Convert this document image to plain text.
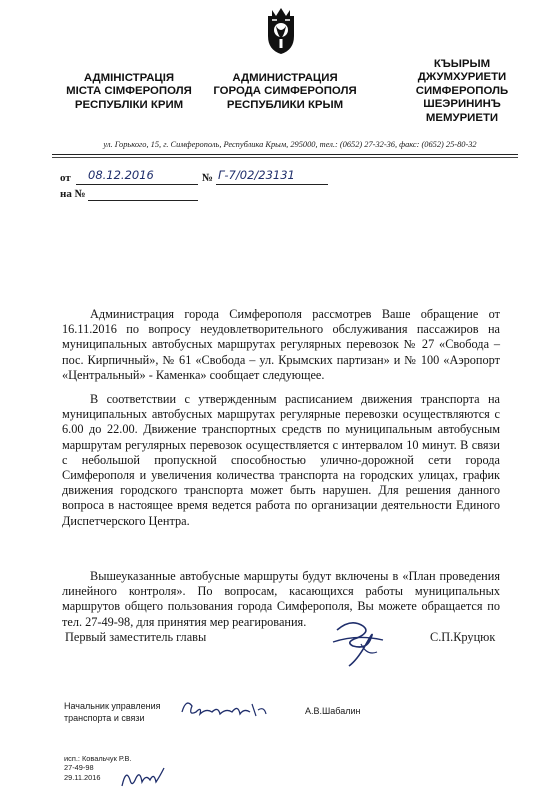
АДМІНІСТРАЦІЯ
МІСТА СІМФЕРОПОЛЯ
РЕСПУБЛІКИ КРИМ
АДМИНИСТРАЦИЯ
ГОРОДА СИМФЕРОПОЛЯ
РЕСПУБЛИКИ КРЫМ
КЪЫРЫМ
ДЖУМХУРИЕТИ
СИМФЕРОПОЛЬ
ШЕЭРИНИНЪ
МЕМУРИЕТИ
ул. Горького, 15, г. Симферополь, Республика Крым, 295000, тел.: (0652) 27-32-36, факс: (0652) 25-80-32
от 08.12.2016	№ Г-7/02/23131
на №

Администрация города Симферополя рассмотрев Ваше обращение от 16.11.2016 по вопросу неудовлетворительного обслуживания пассажиров на муниципальных автобусных маршрутах регулярных перевозок № 27 «Свобода – пос. Кирпичный», № 61 «Свобода – ул. Крымских партизан» и № 100 «Аэропорт «Центральный» - Каменка» сообщает следующее.

В соответствии с утвержденным расписанием движения транспорта на муниципальных автобусных маршрутах регулярные перевозки осуществляются с 6.00 до 22.00. Движение транспортных средств по муниципальным автобусным маршрутам регулярных перевозок осуществляется с интервалом 10 минут. В связи с небольшой пропускной способностью улично-дорожной сети города Симферополя и увеличения количества транспорта на городских улицах, график движения городского транспорта может быть нарушен. Для решения данного вопроса в настоящее время ведется работа по организации деятельности Единого Диспетчерского Центра.

Вышеуказанные автобусные маршруты будут включены в «План проведения линейного контроля». По вопросам, касающихся работы муниципальных маршрутов общего пользования города Симферополя, Вы можете обращается по тел. 27-49-98, для принятия мер реагирования.

Первый заместитель главы	С.П.Круцюк
Начальник управления
транспорта и связи
А.В.Шабалин
исп.: Ковальчук Р.В.
27-49-98
29.11.2016
